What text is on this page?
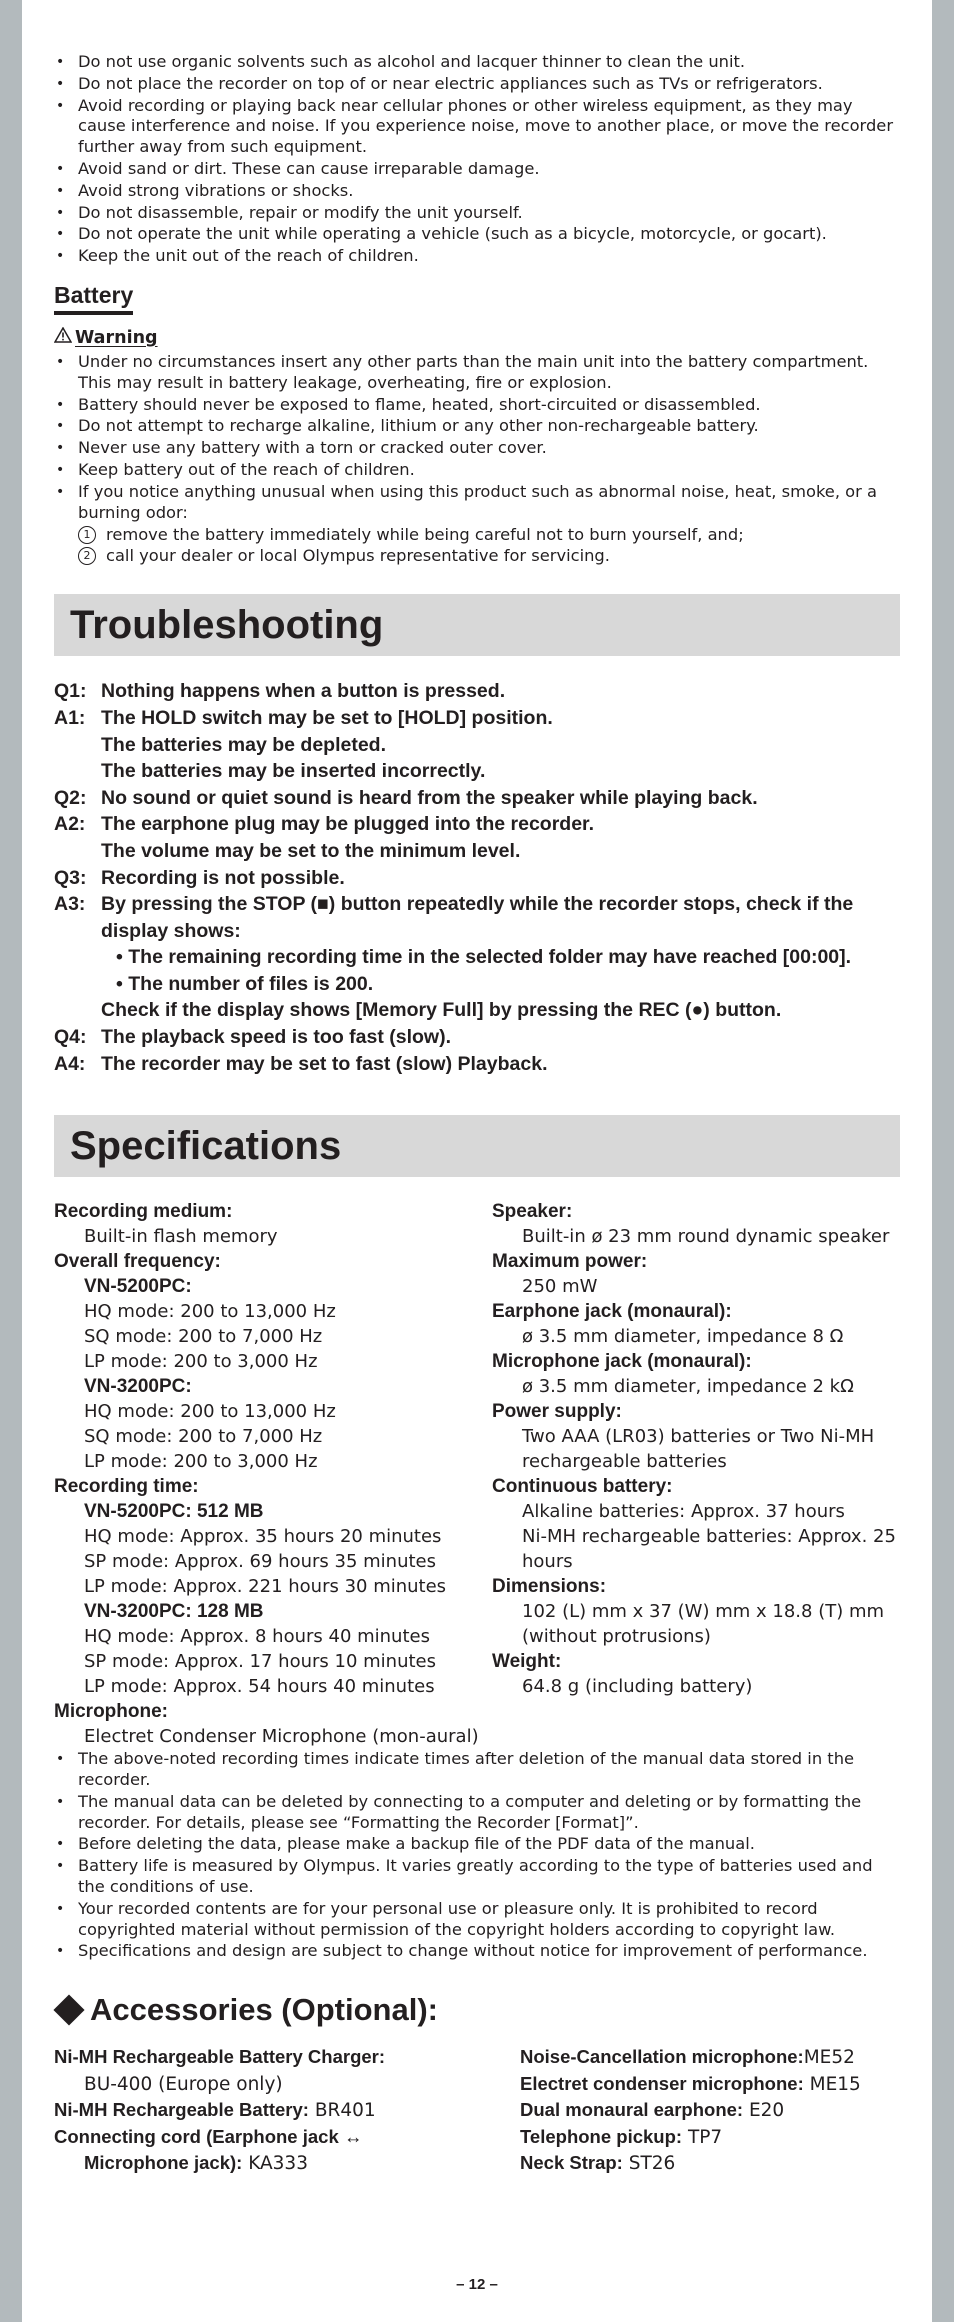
• Do not use organic solvents such as alcohol and lacquer thinner to clean the unit.
• Do not place the recorder on top of or near electric appliances such as TVs or refrigerators.
• Avoid recording or playing back near cellular phones or other wireless equipment, as they may cause interference and noise. If you experience noise, move to another place, or move the recorder further away from such equipment.
• Avoid sand or dirt. These can cause irreparable damage.
• Avoid strong vibrations or shocks.
• Do not disassemble, repair or modify the unit yourself.
• Do not operate the unit while operating a vehicle (such as a bicycle, motorcycle, or gocart).
• Keep the unit out of the reach of children.
Battery
Warning
• Under no circumstances insert any other parts than the main unit into the battery compartment. This may result in battery leakage, overheating, fire or explosion.
• Battery should never be exposed to flame, heated, short-circuited or disassembled.
• Do not attempt to recharge alkaline, lithium or any other non-rechargeable battery.
• Never use any battery with a torn or cracked outer cover.
• Keep battery out of the reach of children.
• If you notice anything unusual when using this product such as abnormal noise, heat, smoke, or a burning odor:
1 remove the battery immediately while being careful not to burn yourself, and;
2 call your dealer or local Olympus representative for servicing.
Troubleshooting
Q1: Nothing happens when a button is pressed.
A1: The HOLD switch may be set to [HOLD] position.
The batteries may be depleted.
The batteries may be inserted incorrectly.
Q2: No sound or quiet sound is heard from the speaker while playing back.
A2: The earphone plug may be plugged into the recorder.
The volume may be set to the minimum level.
Q3: Recording is not possible.
A3: By pressing the STOP (■) button repeatedly while the recorder stops, check if the display shows:
• The remaining recording time in the selected folder may have reached [00:00].
• The number of files is 200.
Check if the display shows [Memory Full] by pressing the REC (●) button.
Q4: The playback speed is too fast (slow).
A4: The recorder may be set to fast (slow) Playback.
Specifications
Recording medium:
Built-in flash memory
Overall frequency:
VN-5200PC:
HQ mode: 200 to 13,000 Hz
SQ mode: 200 to 7,000 Hz
LP mode: 200 to 3,000 Hz
VN-3200PC:
HQ mode: 200 to 13,000 Hz
SQ mode: 200 to 7,000 Hz
LP mode: 200 to 3,000 Hz
Recording time:
VN-5200PC: 512 MB
HQ mode: Approx. 35 hours 20 minutes
SP mode: Approx. 69 hours 35 minutes
LP mode: Approx. 221 hours 30 minutes
VN-3200PC: 128 MB
HQ mode: Approx. 8 hours 40 minutes
SP mode: Approx. 17 hours 10 minutes
LP mode: Approx. 54 hours 40 minutes
Microphone:
Electret Condenser Microphone (mon-aural)
Speaker:
Built-in ø 23 mm round dynamic speaker
Maximum power:
250 mW
Earphone jack (monaural):
ø 3.5 mm diameter, impedance 8 Ω
Microphone jack (monaural):
ø 3.5 mm diameter, impedance 2 kΩ
Power supply:
Two AAA (LR03) batteries or Two Ni-MH rechargeable batteries
Continuous battery:
Alkaline batteries: Approx. 37 hours
Ni-MH rechargeable batteries: Approx. 25 hours
Dimensions:
102 (L) mm x 37 (W) mm x 18.8 (T) mm (without protrusions)
Weight:
64.8 g (including battery)
• The above-noted recording times indicate times after deletion of the manual data stored in the recorder.
• The manual data can be deleted by connecting to a computer and deleting or by formatting the recorder. For details, please see “Formatting the Recorder [Format]”.
• Before deleting the data, please make a backup file of the PDF data of the manual.
• Battery life is measured by Olympus. It varies greatly according to the type of batteries used and the conditions of use.
• Your recorded contents are for your personal use or pleasure only. It is prohibited to record copyrighted material without permission of the copyright holders according to copyright law.
• Specifications and design are subject to change without notice for improvement of performance.
Accessories (Optional):
Ni-MH Rechargeable Battery Charger:
BU-400 (Europe only)
Ni-MH Rechargeable Battery: BR401
Connecting cord (Earphone jack ↔
Microphone jack): KA333
Noise-Cancellation microphone:ME52
Electret condenser microphone: ME15
Dual monaural earphone: E20
Telephone pickup: TP7
Neck Strap: ST26
– 12 –
